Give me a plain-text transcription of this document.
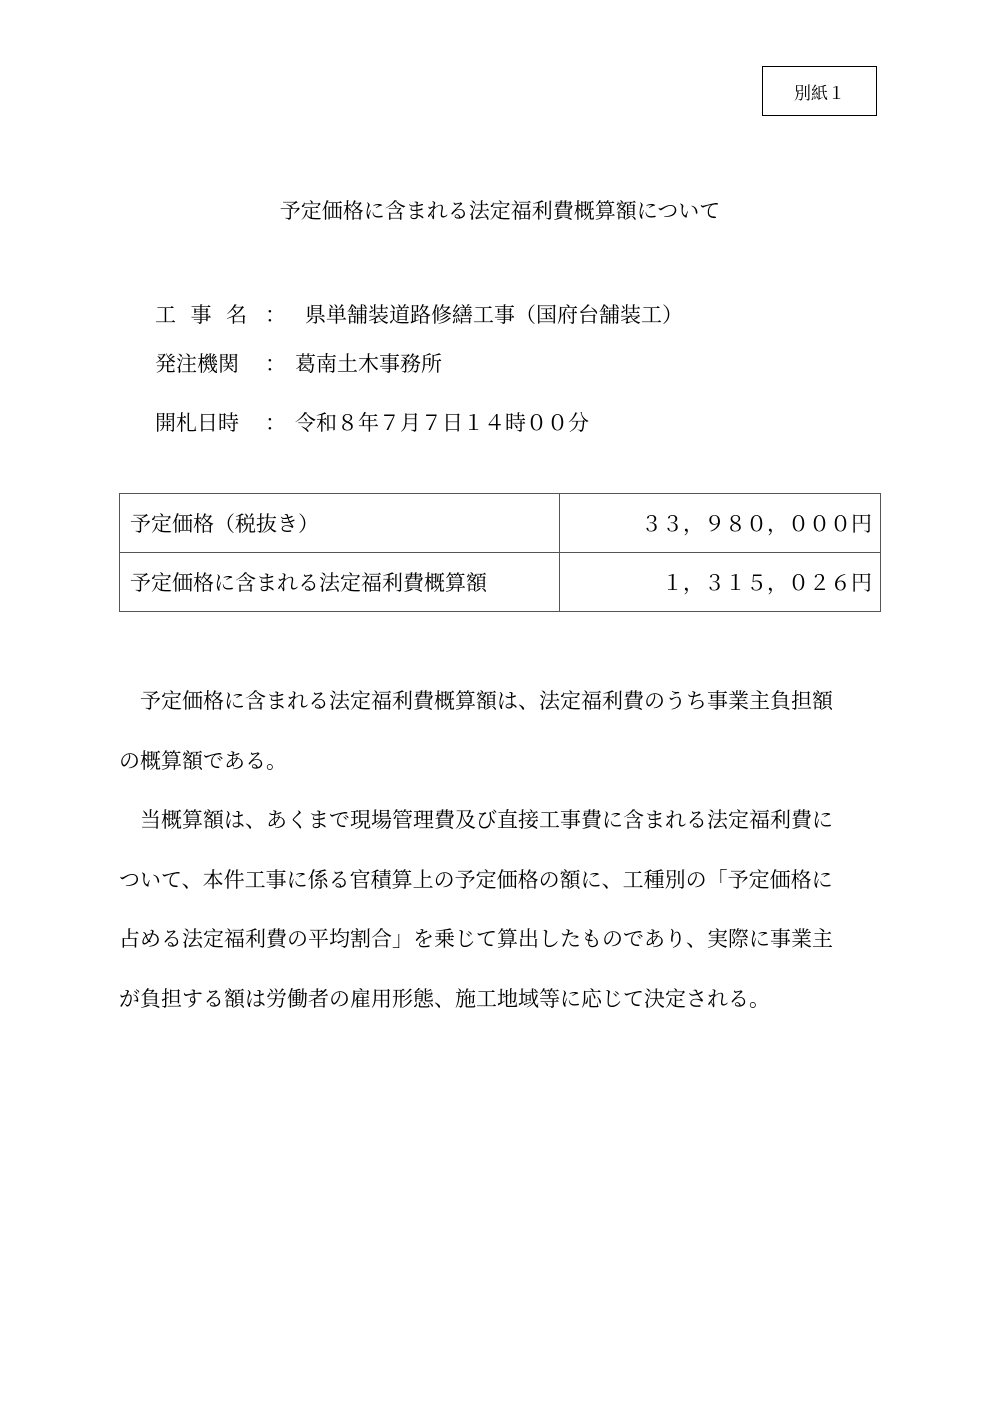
別紙１
予定価格に含まれる法定福利費概算額について
工 事 名 ： 県単舗装道路修繕工事（国府台舗装工）
発注機関	： 葛南土木事務所
開札日時	： 令和８年７月７日１４時００分
予定価格（税抜き）	３３，９８０，０００円
予定価格に含まれる法定福利費概算額	１，３１５，０２６円
　予定価格に含まれる法定福利費概算額は、法定福利費のうち事業主負担額
の概算額である。
　当概算額は、あくまで現場管理費及び直接工事費に含まれる法定福利費に
ついて、本件工事に係る官積算上の予定価格の額に、工種別の「予定価格に
占める法定福利費の平均割合」を乗じて算出したものであり、実際に事業主
が負担する額は労働者の雇用形態、施工地域等に応じて決定される。
